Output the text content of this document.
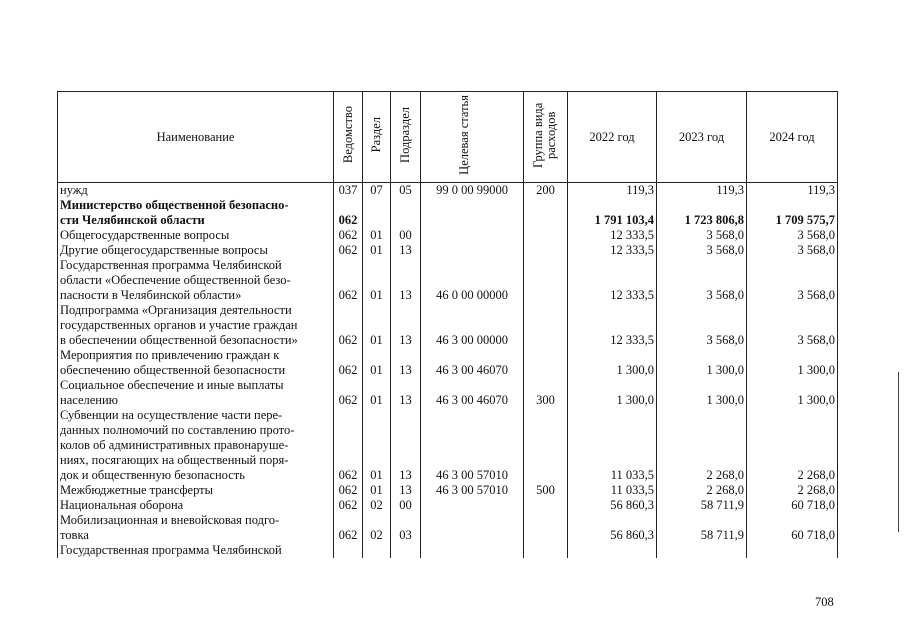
Наименование	Ведомство	Раздел	Подраздел	Целевая статья	Группа вида расходов	2022 год	2023 год	2024 год
нужд	037	07	05	99 0 00 99000	200	119,3	119,3	119,3
Министерство общественной безопасно-								
сти Челябинской области	062					1 791 103,4	1 723 806,8	1 709 575,7
Общегосударственные вопросы	062	01	00			12 333,5	3 568,0	3 568,0
Другие общегосударственные вопросы	062	01	13			12 333,5	3 568,0	3 568,0
Государственная программа Челябинской								
области «Обеспечение общественной безо-								
пасности в Челябинской области»	062	01	13	46 0 00 00000		12 333,5	3 568,0	3 568,0
Подпрограмма «Организация деятельности								
государственных органов и участие граждан								
в обеспечении общественной безопасности»	062	01	13	46 3 00 00000		12 333,5	3 568,0	3 568,0
Мероприятия по привлечению граждан к								
обеспечению общественной безопасности	062	01	13	46 3 00 46070		1 300,0	1 300,0	1 300,0
Социальное обеспечение и иные выплаты								
населению	062	01	13	46 3 00 46070	300	1 300,0	1 300,0	1 300,0
Субвенции на осуществление части пере-								
данных полномочий по составлению прото-								
колов об административных правонаруше-								
ниях, посягающих на общественный поря-								
док и общественную безопасность	062	01	13	46 3 00 57010		11 033,5	2 268,0	2 268,0
Межбюджетные трансферты	062	01	13	46 3 00 57010	500	11 033,5	2 268,0	2 268,0
Национальная оборона	062	02	00			56 860,3	58 711,9	60 718,0
Мобилизационная и вневойсковая подго-								
товка	062	02	03			56 860,3	58 711,9	60 718,0
Государственная программа Челябинской								
708
